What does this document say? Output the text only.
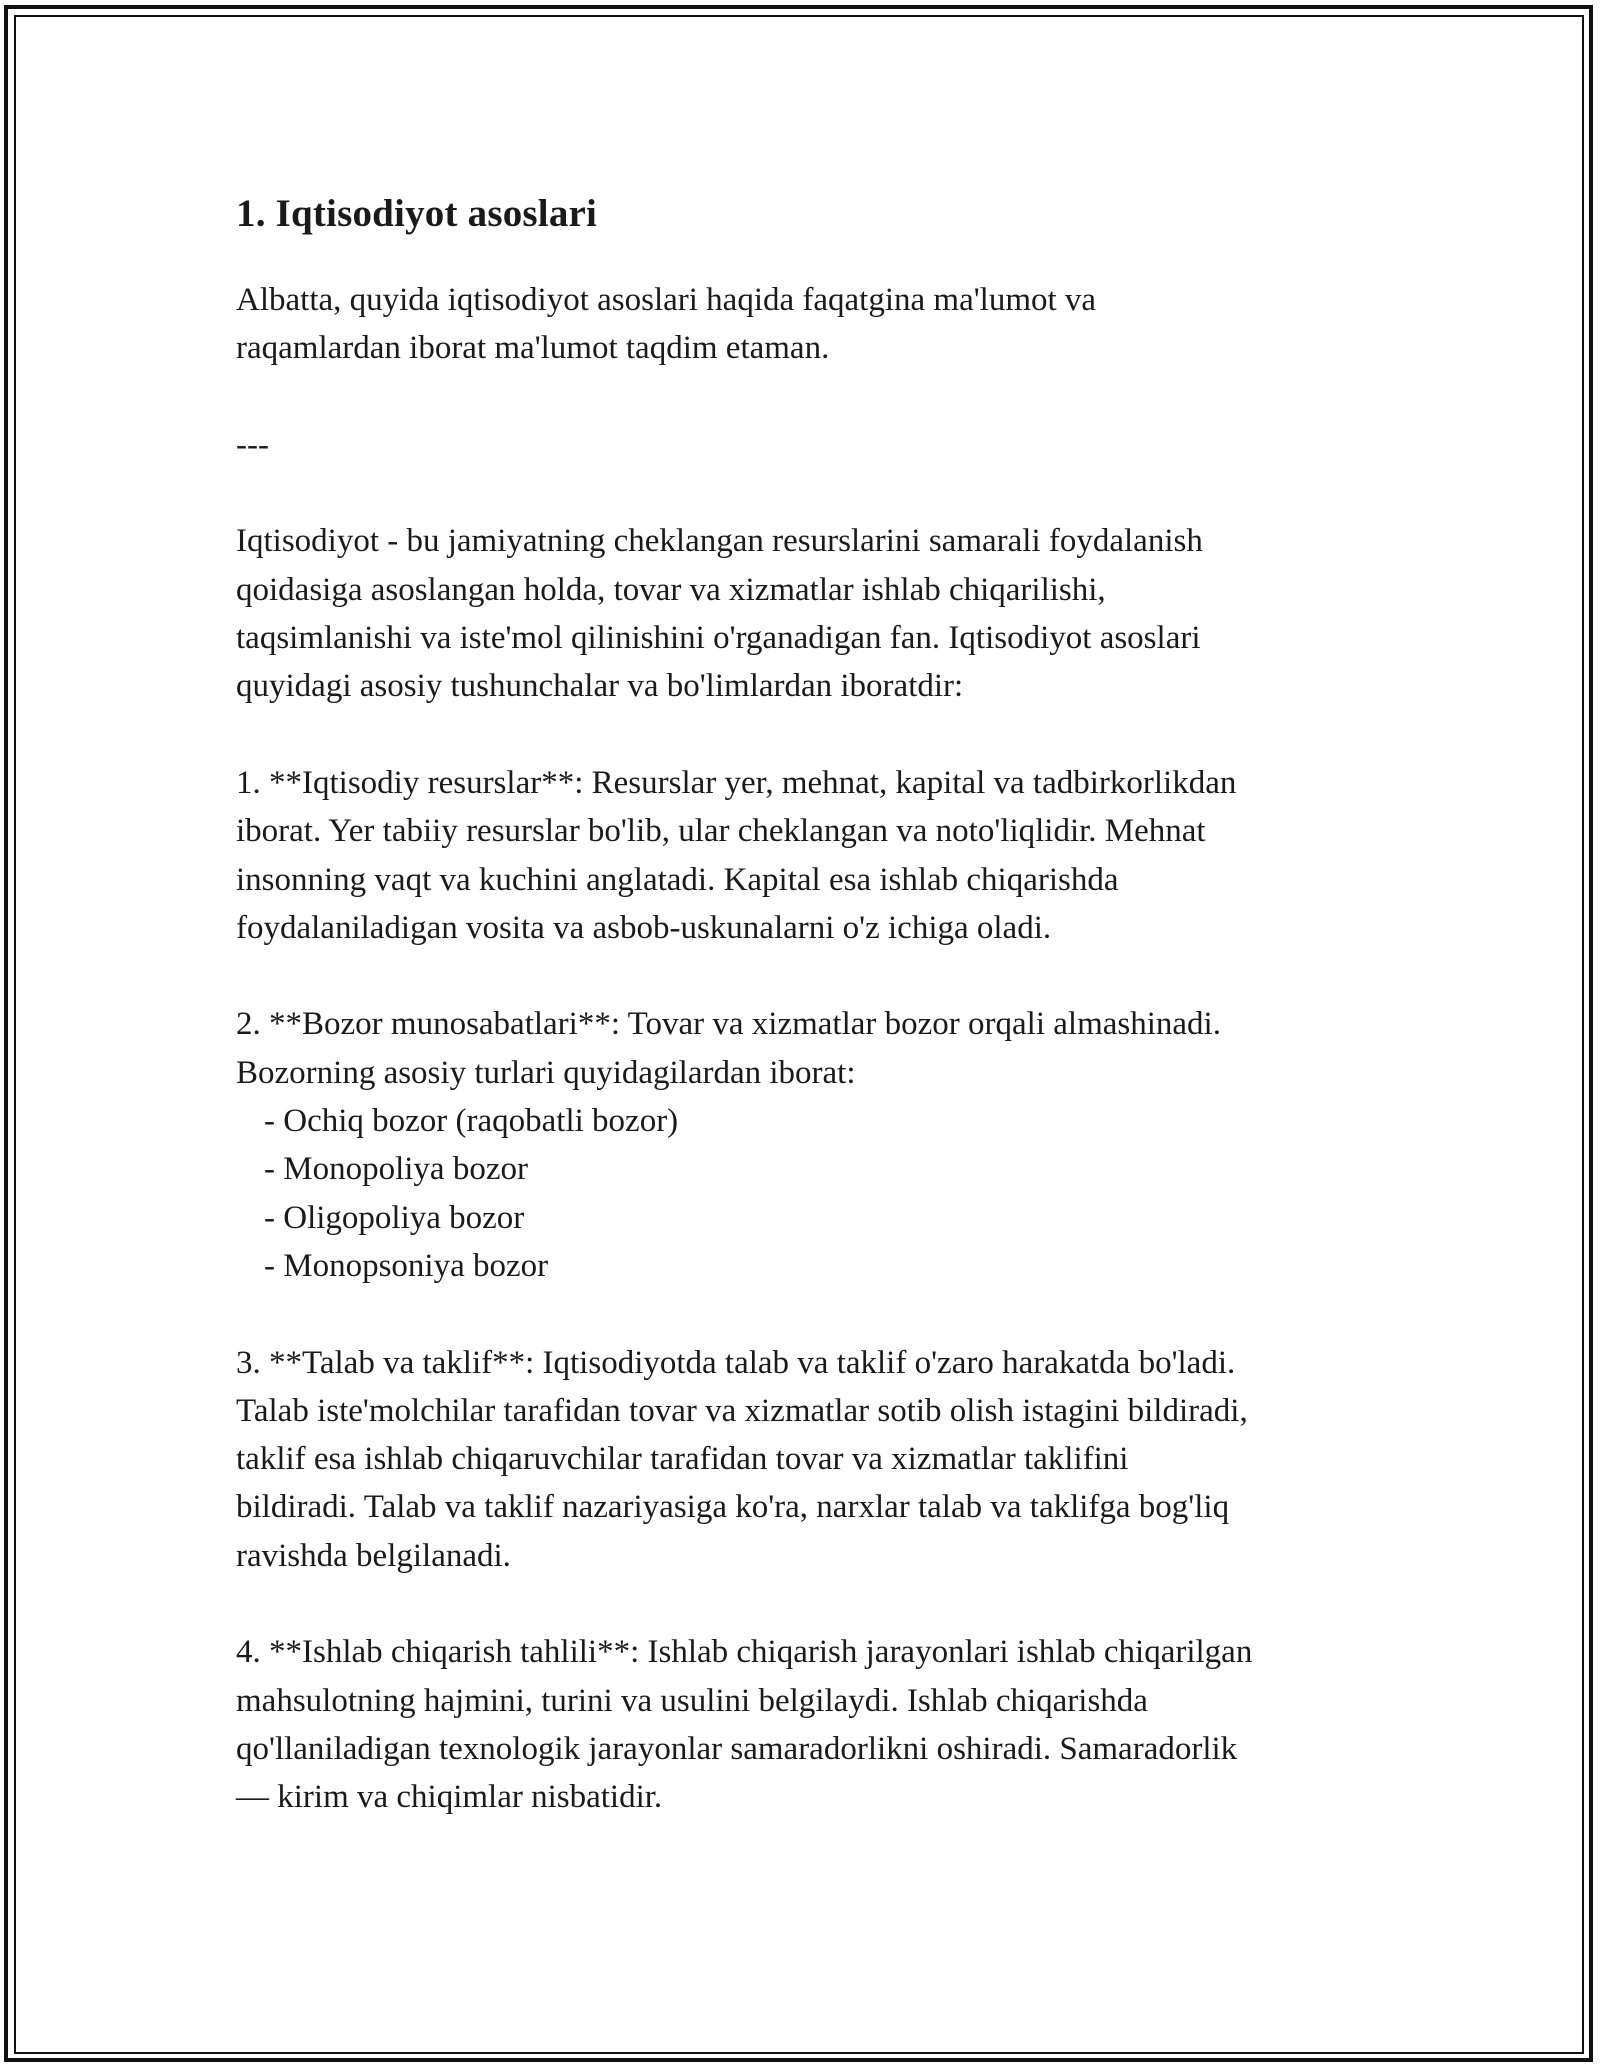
1. Iqtisodiyot asoslari

Albatta, quyida iqtisodiyot asoslari haqida faqatgina ma'lumot va

raqamlardan iborat ma'lumot taqdim etaman.

---

Iqtisodiyot - bu jamiyatning cheklangan resurslarini samarali foydalanish

qoidasiga asoslangan holda, tovar va xizmatlar ishlab chiqarilishi,

taqsimlanishi va iste'mol qilinishini o'rganadigan fan. Iqtisodiyot asoslari

quyidagi asosiy tushunchalar va bo'limlardan iboratdir:

1. **Iqtisodiy resurslar**: Resurslar yer, mehnat, kapital va tadbirkorlikdan

iborat. Yer tabiiy resurslar bo'lib, ular cheklangan va noto'liqlidir. Mehnat

insonning vaqt va kuchini anglatadi. Kapital esa ishlab chiqarishda

foydalaniladigan vosita va asbob-uskunalarni o'z ichiga oladi.

2. **Bozor munosabatlari**: Tovar va xizmatlar bozor orqali almashinadi.

Bozorning asosiy turlari quyidagilardan iborat:

- Ochiq bozor (raqobatli bozor)

- Monopoliya bozor

- Oligopoliya bozor

- Monopsoniya bozor

3. **Talab va taklif**: Iqtisodiyotda talab va taklif o'zaro harakatda bo'ladi.

Talab iste'molchilar tarafidan tovar va xizmatlar sotib olish istagini bildiradi,

taklif esa ishlab chiqaruvchilar tarafidan tovar va xizmatlar taklifini

bildiradi. Talab va taklif nazariyasiga ko'ra, narxlar talab va taklifga bog'liq

ravishda belgilanadi.

4. **Ishlab chiqarish tahlili**: Ishlab chiqarish jarayonlari ishlab chiqarilgan

mahsulotning hajmini, turini va usulini belgilaydi. Ishlab chiqarishda

qo'llaniladigan texnologik jarayonlar samaradorlikni oshiradi. Samaradorlik

— kirim va chiqimlar nisbatidir.
